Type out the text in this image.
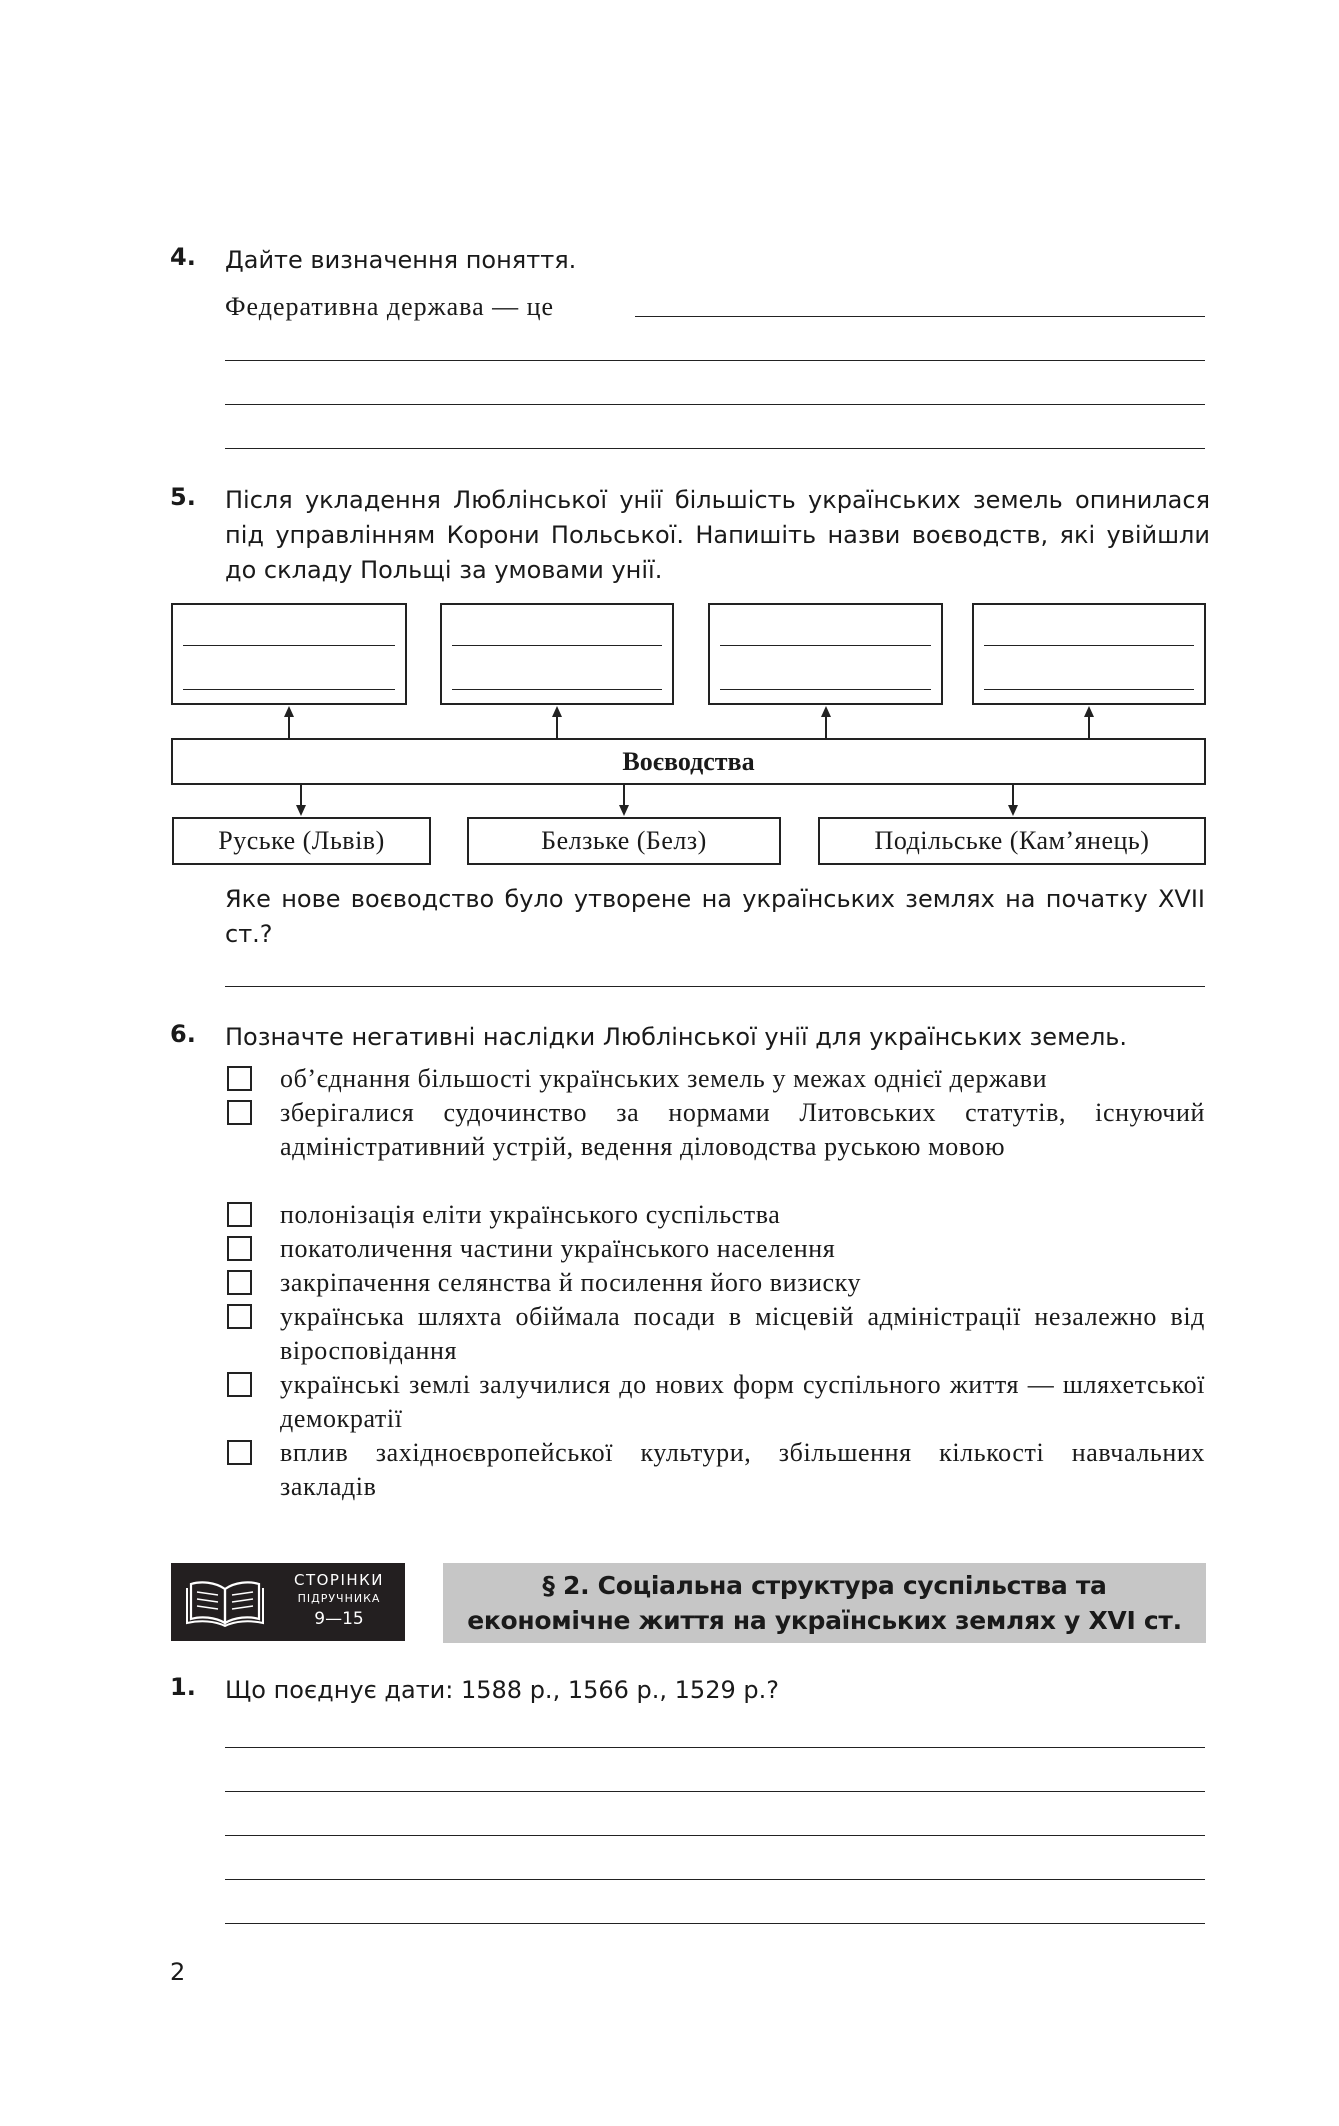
4. Дайте визначення поняття.
Федеративна держава — це
5. Після укладення Люблінської унії більшість українських земель опинилася під управлінням Корони Польської. Напишіть назви воєводств, які увійшли до складу Польщі за умовами унії.
Воєводства
Руське (Львів)	Белзьке (Белз)	Подільське (Кам’янець)
Яке нове воєводство було утворене на українських землях на початку XVII ст.?
6. Позначте негативні наслідки Люблінської унії для українських земель.
об’єднання більшості українських земель у межах однієї держави
зберігалися судочинство за нормами Литовських статутів, існуючий адміністративний устрій, ведення діловодства руською мовою
полонізація еліти українського суспільства
покатоличення частини українського населення
закріпачення селянства й посилення його визиску
українська шляхта обіймала посади в місцевій адміністрації незалежно від віросповідання
українські землі залучилися до нових форм суспільного життя — шляхетської демократії
вплив західноєвропейської культури, збільшення кількості навчальних закладів
СТОРІНКИ
ПІДРУЧНИКА
9—15
§ 2. Соціальна структура суспільства та
економічне життя на українських землях у XVI ст.
1. Що поєднує дати: 1588 р., 1566 р., 1529 р.?
2
